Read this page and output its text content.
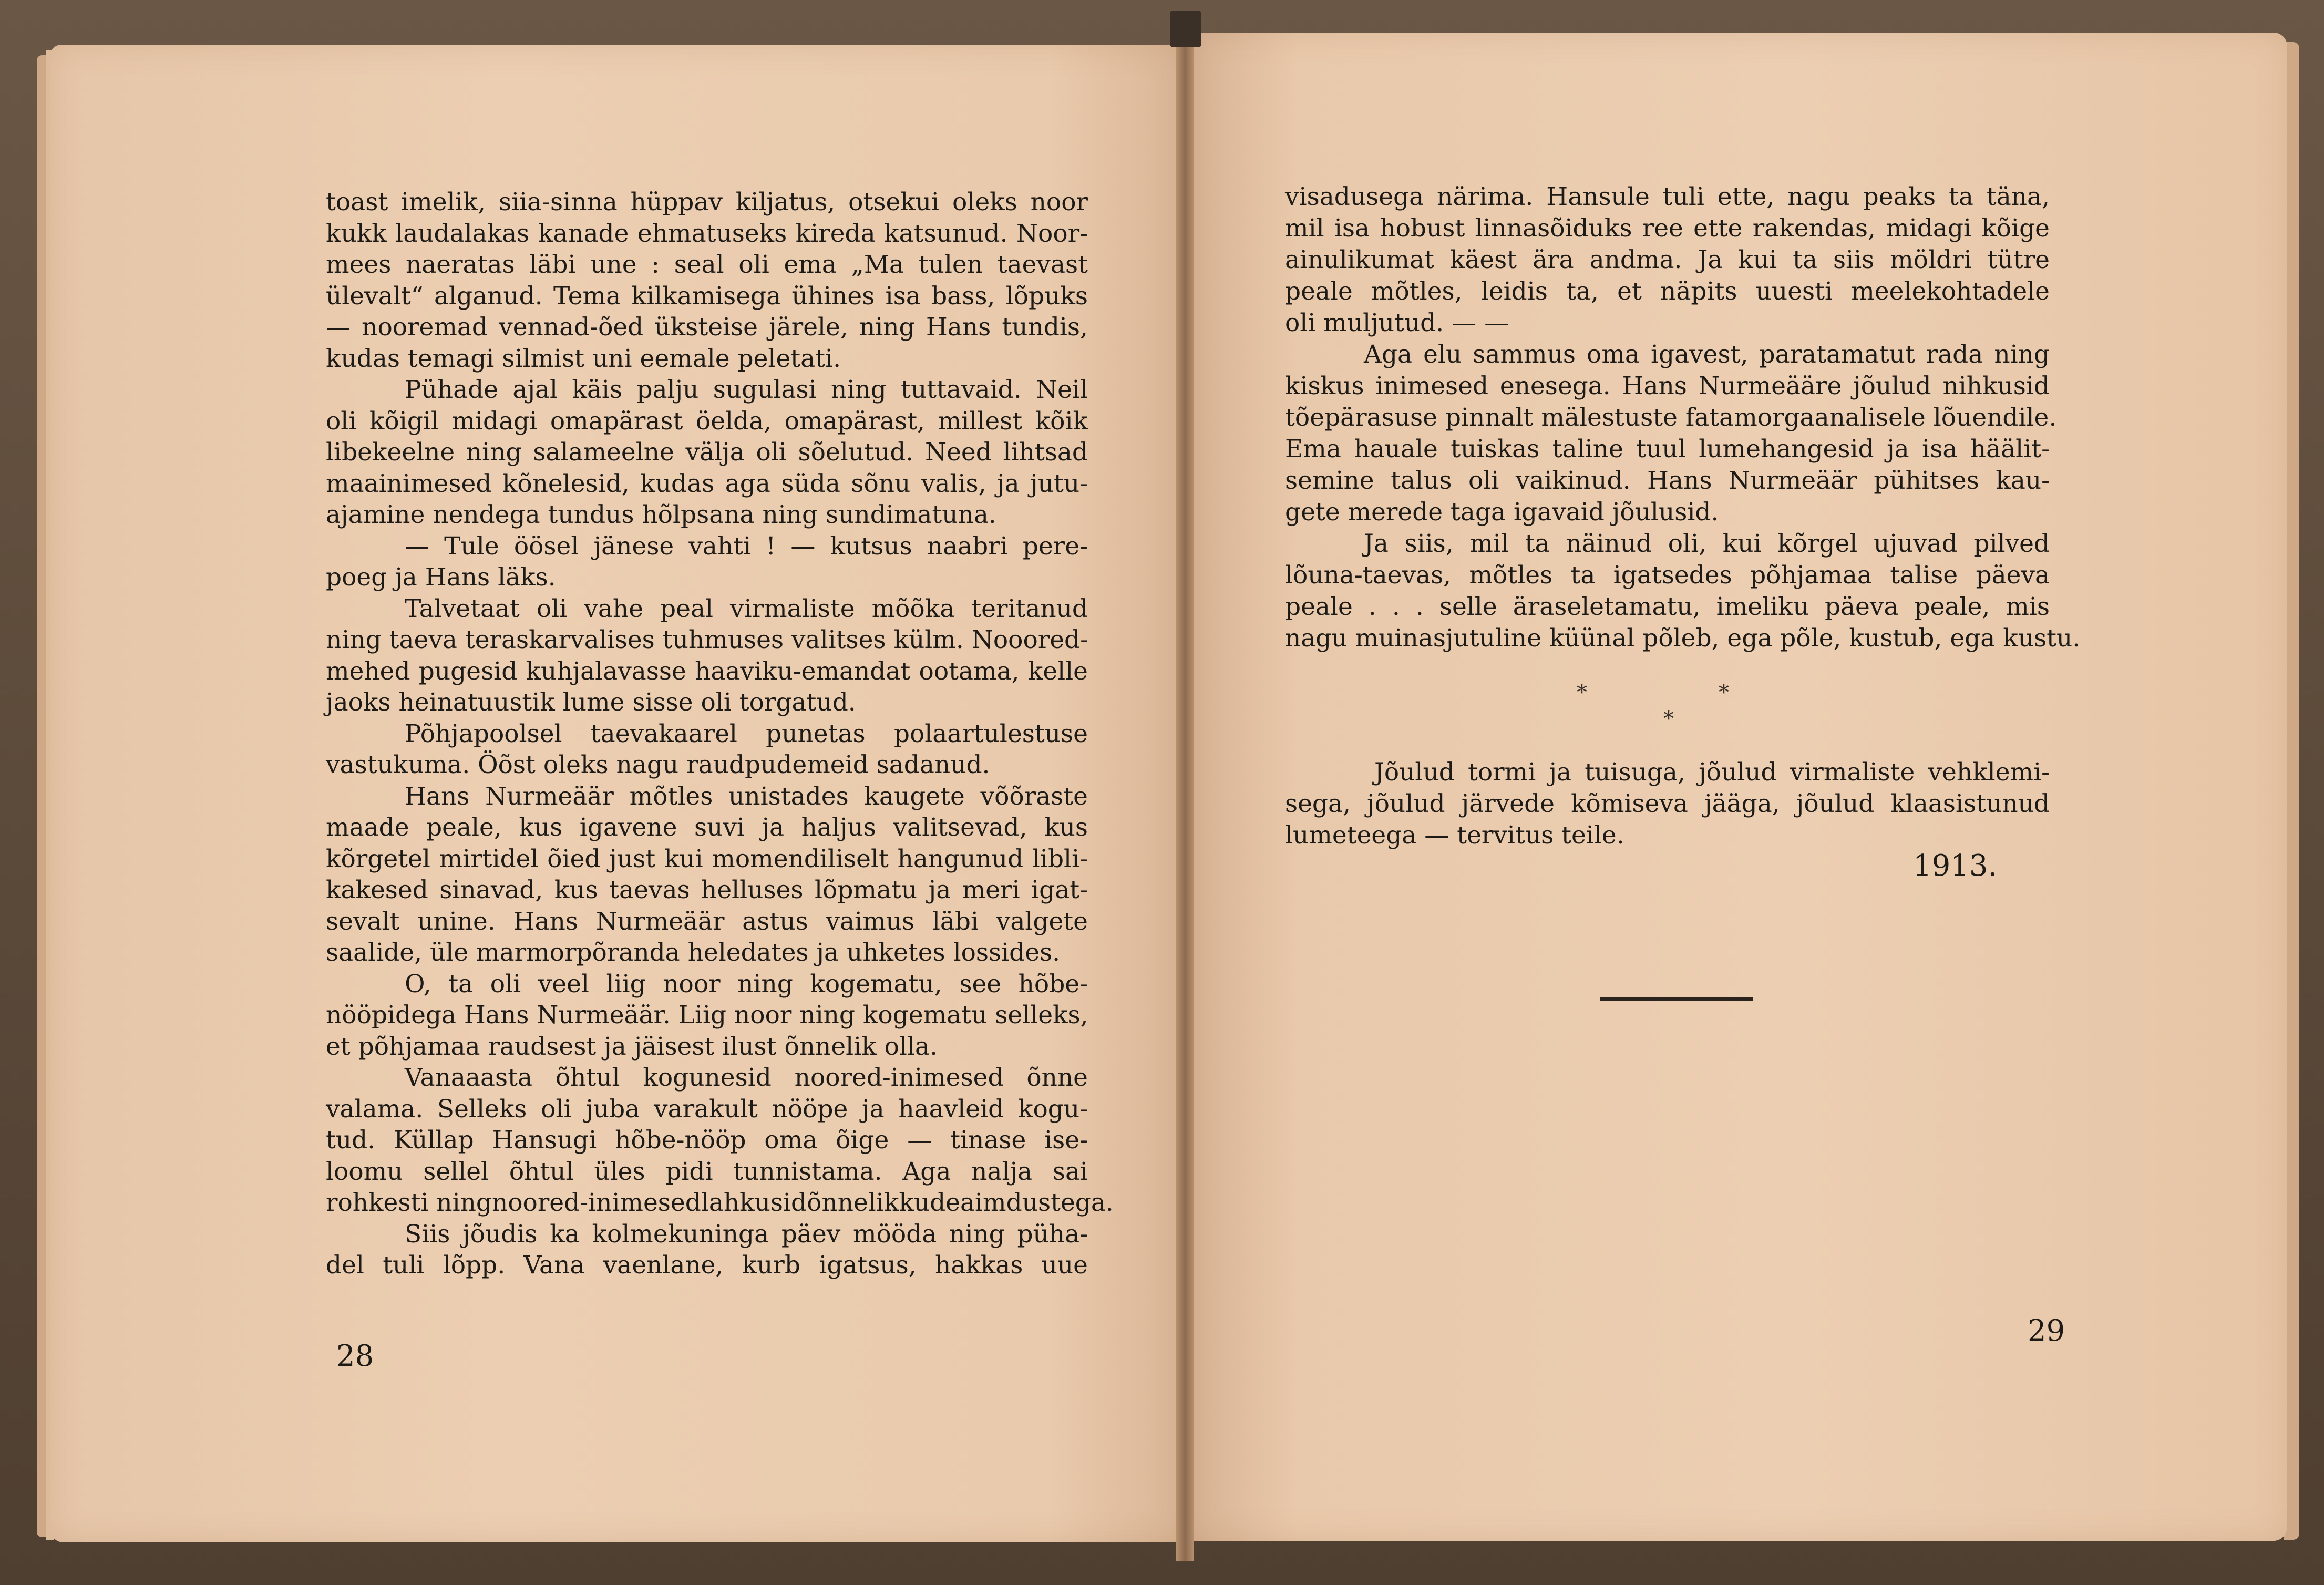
toast imelik, siia-sinna hüppav kiljatus, otsekui oleks noor
kukk laudalakas kanade ehmatuseks kireda katsunud. Noor-
mees naeratas läbi une : seal oli ema „Ma tulen taevast
ülevalt“ alganud. Tema kilkamisega ühines isa bass, lõpuks
— nooremad vennad-õed üksteise järele, ning Hans tundis,
kudas temagi silmist uni eemale peletati.
Pühade ajal käis palju sugulasi ning tuttavaid. Neil
oli kõigil midagi omapärast öelda, omapärast, millest kõik
libekeelne ning salameelne välja oli sõelutud. Need lihtsad
maainimesed kõnelesid, kudas aga süda sõnu valis, ja jutu-
ajamine nendega tundus hõlpsana ning sundimatuna.
— Tule öösel jänese vahti ! — kutsus naabri pere-
poeg ja Hans läks.
Talvetaat oli vahe peal virmaliste mõõka teritanud
ning taeva teraskarvalises tuhmuses valitses külm. Nooored-
mehed pugesid kuhjalavasse haaviku-emandat ootama, kelle
jaoks heinatuustik lume sisse oli torgatud.
Põhjapoolsel taevakaarel punetas polaartulestuse
vastukuma. Öõst oleks nagu raudpudemeid sadanud.
Hans Nurmeäär mõtles unistades kaugete võõraste
maade peale, kus igavene suvi ja haljus valitsevad, kus
kõrgetel mirtidel õied just kui momendiliselt hangunud libli-
kakesed sinavad, kus taevas helluses lõpmatu ja meri igat-
sevalt unine. Hans Nurmeäär astus vaimus läbi valgete
saalide, üle marmorpõranda heledates ja uhketes lossides.
O, ta oli veel liig noor ning kogematu, see hõbe-
nööpidega Hans Nurmeäär. Liig noor ning kogematu selleks,
et põhjamaa raudsest ja jäisest ilust õnnelik olla.
Vanaaasta õhtul kogunesid noored-inimesed õnne
valama. Selleks oli juba varakult nööpe ja haavleid kogu-
tud. Küllap Hansugi hõbe-nööp oma õige — tinase ise-
loomu sellel õhtul üles pidi tunnistama. Aga nalja sai
rohkesti ningnoored-inimesedlahkusidõnnelikkudeaimdustega.
Siis jõudis ka kolmekuninga päev mööda ning püha-
del tuli lõpp. Vana vaenlane, kurb igatsus, hakkas uue
28
visadusega närima. Hansule tuli ette, nagu peaks ta täna,
mil isa hobust linnasõiduks ree ette rakendas, midagi kõige
ainulikumat käest ära andma. Ja kui ta siis möldri tütre
peale mõtles, leidis ta, et näpits uuesti meelekohtadele
oli muljutud. — —
Aga elu sammus oma igavest, paratamatut rada ning
kiskus inimesed enesega. Hans Nurmeääre jõulud nihkusid
tõepärasuse pinnalt mälestuste fatamorgaanalisele lõuendile.
Ema hauale tuiskas taline tuul lumehangesid ja isa häälit-
semine talus oli vaikinud. Hans Nurmeäär pühitses kau-
gete merede taga igavaid jõulusid.
Ja siis, mil ta näinud oli, kui kõrgel ujuvad pilved
lõuna-taevas, mõtles ta igatsedes põhjamaa talise päeva
peale . . . selle äraseletamatu, imeliku päeva peale, mis
nagu muinasjutuline küünal põleb, ega põle, kustub, ega kustu.
*	*
*
Jõulud tormi ja tuisuga, jõulud virmaliste vehklemi-
sega, jõulud järvede kõmiseva jääga, jõulud klaasistunud
lumeteega — tervitus teile.
1913.
29
